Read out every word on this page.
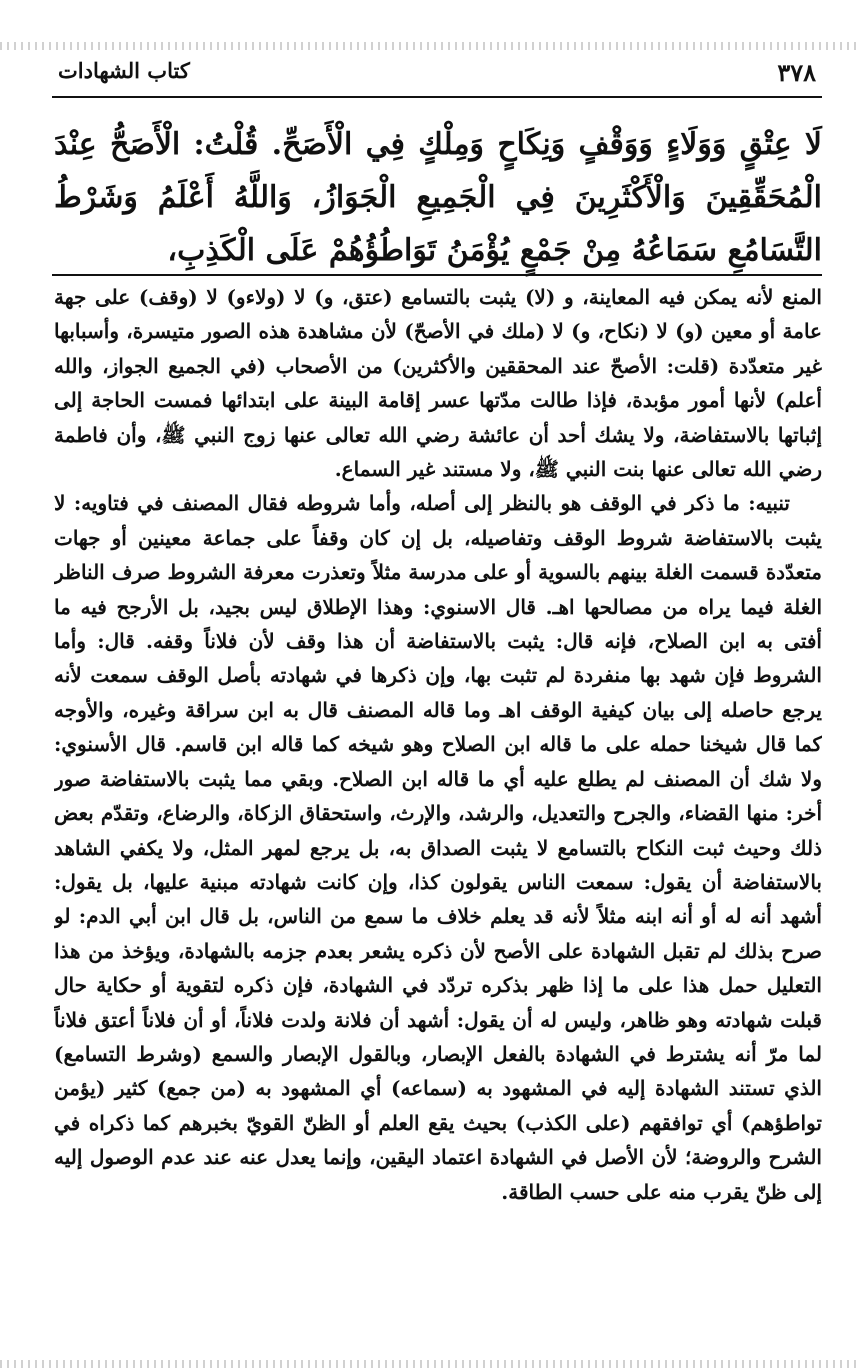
٣٧٨
كتاب الشهادات
لَا عِتْقٍ وَوَلَاءٍ وَوَقْفٍ وَنِكَاحٍ وَمِلْكٍ فِي الْأَصَحِّ. قُلْتُ: الْأَصَحُّ عِنْدَ الْمُحَقِّقِينَ وَالْأَكْثَرِينَ فِي الْجَمِيعِ الْجَوَازُ، وَاللَّهُ أَعْلَمُ وَشَرْطُ التَّسَامُعِ سَمَاعُهُ مِنْ جَمْعٍ يُؤْمَنُ تَوَاطُؤُهُمْ عَلَى الْكَذِبِ،

المنع لأنه يمكن فيه المعاينة، و (لا) يثبت بالتسامع (عتق، و) لا (ولاءو) لا (وقف) على جهة عامة أو معين (و) لا (نكاح، و) لا (ملك في الأصحّ) لأن مشاهدة هذه الصور متيسرة، وأسبابها غير متعدّدة (قلت: الأصحّ عند المحققين والأكثرين) من الأصحاب (في الجميع الجواز، والله أعلم) لأنها أمور مؤبدة، فإذا طالت مدّتها عسر إقامة البينة على ابتدائها فمست الحاجة إلى إثباتها بالاستفاضة، ولا يشك أحد أن عائشة رضي الله تعالى عنها زوج النبي ﷺ، وأن فاطمة رضي الله تعالى عنها بنت النبي ﷺ، ولا مستند غير السماع.

تنبيه: ما ذكر في الوقف هو بالنظر إلى أصله، وأما شروطه فقال المصنف في فتاويه: لا يثبت بالاستفاضة شروط الوقف وتفاصيله، بل إن كان وقفاً على جماعة معينين أو جهات متعدّدة قسمت الغلة بينهم بالسوية أو على مدرسة مثلاً وتعذرت معرفة الشروط صرف الناظر الغلة فيما يراه من مصالحها اهـ. قال الاسنوي: وهذا الإطلاق ليس بجيد، بل الأرجح فيه ما أفتى به ابن الصلاح، فإنه قال: يثبت بالاستفاضة أن هذا وقف لأن فلاناً وقفه. قال: وأما الشروط فإن شهد بها منفردة لم تثبت بها، وإن ذكرها في شهادته بأصل الوقف سمعت لأنه يرجع حاصله إلى بيان كيفية الوقف اهـ وما قاله المصنف قال به ابن سراقة وغيره، والأوجه كما قال شيخنا حمله على ما قاله ابن الصلاح وهو شيخه كما قاله ابن قاسم. قال الأسنوي: ولا شك أن المصنف لم يطلع عليه أي ما قاله ابن الصلاح. وبقي مما يثبت بالاستفاضة صور أخر: منها القضاء، والجرح والتعديل، والرشد، والإرث، واستحقاق الزكاة، والرضاع، وتقدّم بعض ذلك وحيث ثبت النكاح بالتسامع لا يثبت الصداق به، بل يرجع لمهر المثل، ولا يكفي الشاهد بالاستفاضة أن يقول: سمعت الناس يقولون كذا، وإن كانت شهادته مبنية عليها، بل يقول: أشهد أنه له أو أنه ابنه مثلاً لأنه قد يعلم خلاف ما سمع من الناس، بل قال ابن أبي الدم: لو صرح بذلك لم تقبل الشهادة على الأصح لأن ذكره يشعر بعدم جزمه بالشهادة، ويؤخذ من هذا التعليل حمل هذا على ما إذا ظهر بذكره تردّد في الشهادة، فإن ذكره لتقوية أو حكاية حال قبلت شهادته وهو ظاهر، وليس له أن يقول: أشهد أن فلانة ولدت فلاناً، أو أن فلاناً أعتق فلاناً لما مرّ أنه يشترط في الشهادة بالفعل الإبصار، وبالقول الإبصار والسمع (وشرط التسامع) الذي تستند الشهادة إليه في المشهود به (سماعه) أي المشهود به (من جمع) كثير (يؤمن تواطؤهم) أي توافقهم (على الكذب) بحيث يقع العلم أو الظنّ القويّ بخبرهم كما ذكراه في الشرح والروضة؛ لأن الأصل في الشهادة اعتماد اليقين، وإنما يعدل عنه عند عدم الوصول إليه إلى ظنّ يقرب منه على حسب الطاقة.
